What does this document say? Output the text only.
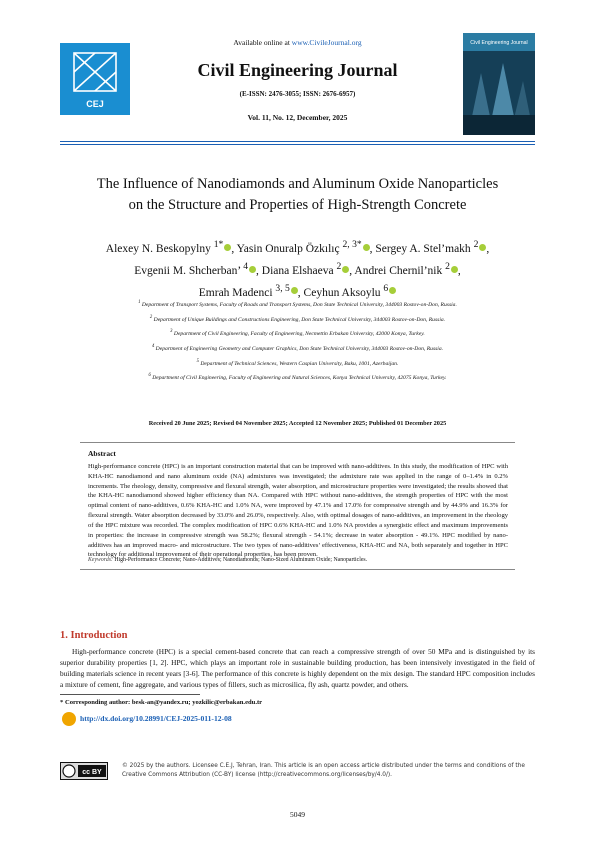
CEJ
Civil Engineering Journal
Available online at www.CivileJournal.org
Civil Engineering Journal
(E-ISSN: 2476-3055; ISSN: 2676-6957)
Vol. 11, No. 12, December, 2025
The Influence of Nanodiamonds and Aluminum Oxide Nanoparticles
on the Structure and Properties of High-Strength Concrete
Alexey N. Beskopylny $^{1*}$ , Yasin Onuralp Özkılıç $^{2, 3*}$ , Sergey A. Stel’makh $^2$ ,
Evgenii M. Shcherban’ $^4$ , Diana Elshaeva $^2$ , Andrei Chernil’nik $^2$ ,
Emrah Madenci $^{3, 5}$ , Ceyhun Aksoylu $^6$
$^1$ Department of Transport Systems, Faculty of Roads and Transport Systems, Don State Technical University, 344003 Rostov-on-Don, Russia.
$^2$ Department of Unique Buildings and Constructions Engineering, Don State Technical University, 344003 Rostov-on-Don, Russia.
$^3$ Department of Civil Engineering, Faculty of Engineering, Necmettin Erbakan University, 42000 Konya, Turkey.
$^4$ Department of Engineering Geometry and Computer Graphics, Don State Technical University, 344003 Rostov-on-Don, Russia.
$^5$ Department of Technical Sciences, Western Caspian University, Baku, 1001, Azerbaijan.
$^6$ Department of Civil Engineering, Faculty of Engineering and Natural Sciences, Konya Technical University, 42075 Konya, Turkey.
Received 20 June 2025; Revised 04 November 2025; Accepted 12 November 2025; Published 01 December 2025
Abstract
High-performance concrete (HPC) is an important construction material that can be improved with nano-additives. In this study, the modification of HPC with KHA-HC nanodiamond and nano aluminum oxide (NA) admixtures was investigated; the admixture rate was applied in the range of 0–1.4% in 0.2% increments. The rheology, density, compressive and flexural strength, water absorption, and microstructure properties were investigated; the results showed that the KHA-HC nanodiamond showed higher efficiency than NA. Compared with HPC without nano-additives, the strength properties of HPC with the most optimal content of nano-additives, 0.6% KHA-HC and 1.0% NA, were improved by 47.1% and 17.0% for compressive strength and by 44.9% and 16.3% for flexural strength. Water absorption decreased by 33.0% and 26.0%, respectively. Also, with optimal dosages of nano-additives, an improvement in the rheology of the HPC mixture was recorded. The complex modification of HPC 0.6% KHA-HC and 1.0% NA provides a synergistic effect and maximum improvements in properties: the increase in compressive strength was 58.2%; flexural strength - 54.1%; decrease in water absorption - 49.1%. HPC modified by nano-additives has an improved macro- and microstructure. The two types of nano-additives’ effectiveness, KHA-HC and NA, both separately and together in HPC technology for additional improvement of their operational properties, has been proven.
Keywords: High-Performance Concrete; Nano-Additives; Nanodiamonds; Nano-Sized Aluminum Oxide; Nanoparticles.
1. Introduction
High-performance concrete (HPC) is a special cement-based concrete that can reach a compressive strength of over 50 MPa and is distinguished by its superior durability properties [1, 2]. HPC, which plays an important role in sustainable building production, has been intensively investigated in the field of building materials science in recent years [3-6]. The performance of this concrete is highly dependent on the mix design. The standard HPC composition includes a mixture of cement, fine aggregate, and various types of fillers, such as microsilica, fly ash, quartz powder, and others.
* Corresponding author: besk-an@yandex.ru; yozkilic@erbakan.edu.tr
http://dx.doi.org/10.28991/CEJ-2025-011-12-08
cc BY
© 2025 by the authors. Licensee C.E.J, Tehran, Iran. This article is an open access article distributed under the terms and conditions of the Creative Commons Attribution (CC-BY) license (http://creativecommons.org/licenses/by/4.0/).
5049
